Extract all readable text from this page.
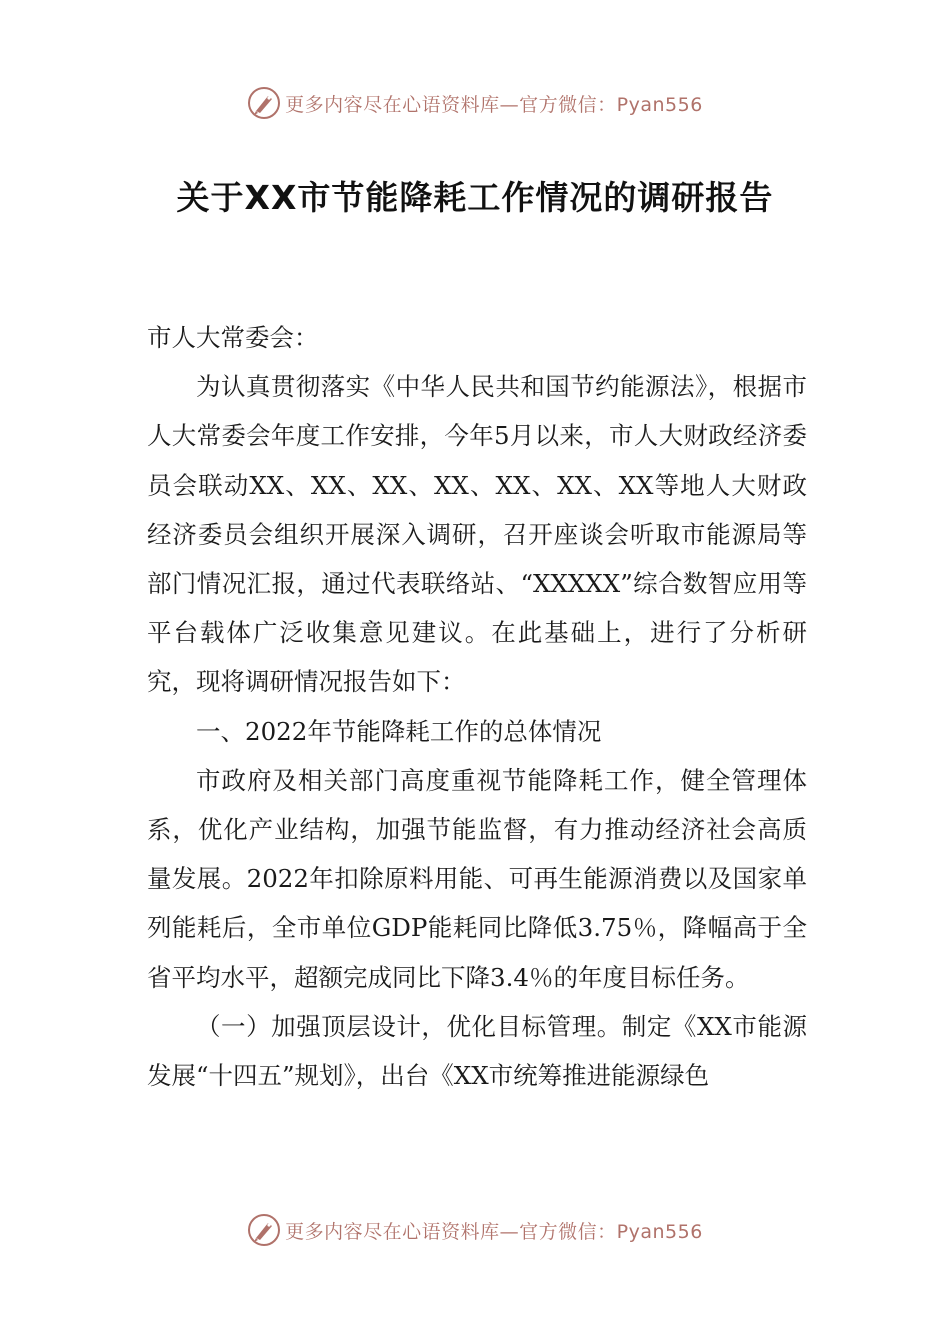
更多内容尽在心语资料库—官方微信：Pyan556
关于XX市节能降耗工作情况的调研报告

市人大常委会：

为认真贯彻落实《中华人民共和国节约能源法》，根据市人大常委会年度工作安排，今年5月以来，市人大财政经济委员会联动XX、XX、XX、XX、XX、XX、XX等地人大财政经济委员会组织开展深入调研，召开座谈会听取市能源局等部门情况汇报，通过代表联络站、“XXXXX”综合数智应用等平台载体广泛收集意见建议。在此基础上，进行了分析研究，现将调研情况报告如下：

一、2022年节能降耗工作的总体情况

市政府及相关部门高度重视节能降耗工作，健全管理体系，优化产业结构，加强节能监督，有力推动经济社会高质量发展。2022年扣除原料用能、可再生能源消费以及国家单列能耗后，全市单位GDP能耗同比降低3.75％，降幅高于全省平均水平，超额完成同比下降3.4％的年度目标任务。

（一）加强顶层设计，优化目标管理。制定《XX市能源发展“十四五”规划》，出台《XX市统筹推进能源绿色

更多内容尽在心语资料库—官方微信：Pyan556
